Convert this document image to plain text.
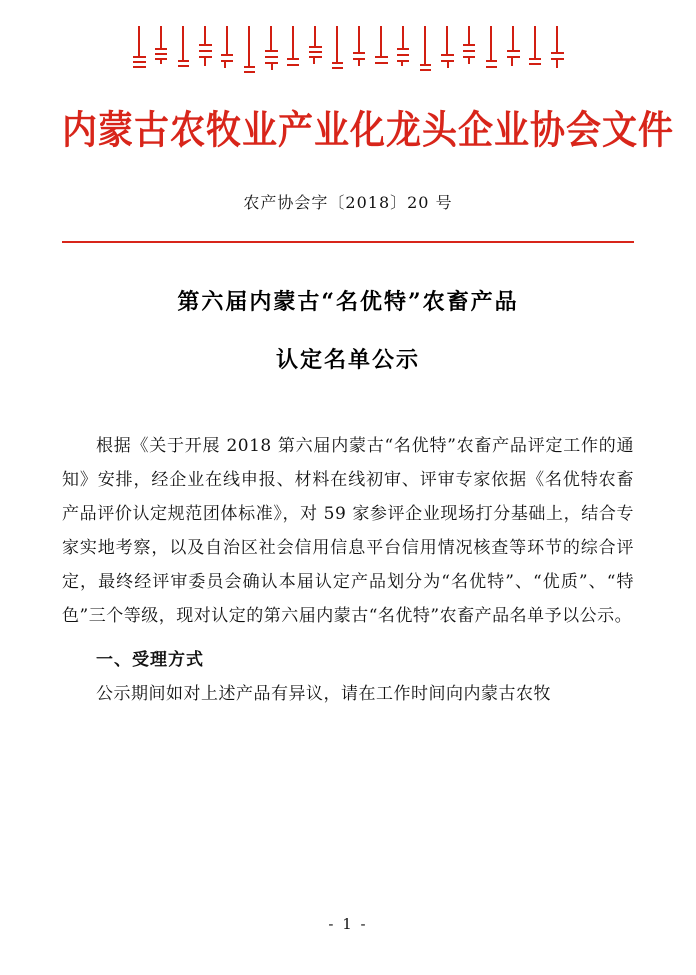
内蒙古农牧业产业化龙头企业协会文件
农产协会字〔2018〕20 号
第六届内蒙古“名优特”农畜产品
认定名单公示

根据《关于开展 2018 第六届内蒙古“名优特”农畜产品评定工作的通知》安排，经企业在线申报、材料在线初审、评审专家依据《名优特农畜产品评价认定规范团体标准》，对 59 家参评企业现场打分基础上，结合专家实地考察，以及自治区社会信用信息平台信用情况核查等环节的综合评定，最终经评审委员会确认本届认定产品划分为“名优特”、“优质”、“特色”三个等级，现对认定的第六届内蒙古“名优特”农畜产品名单予以公示。

一、受理方式

公示期间如对上述产品有异议，请在工作时间向内蒙古农牧

- 1 -
